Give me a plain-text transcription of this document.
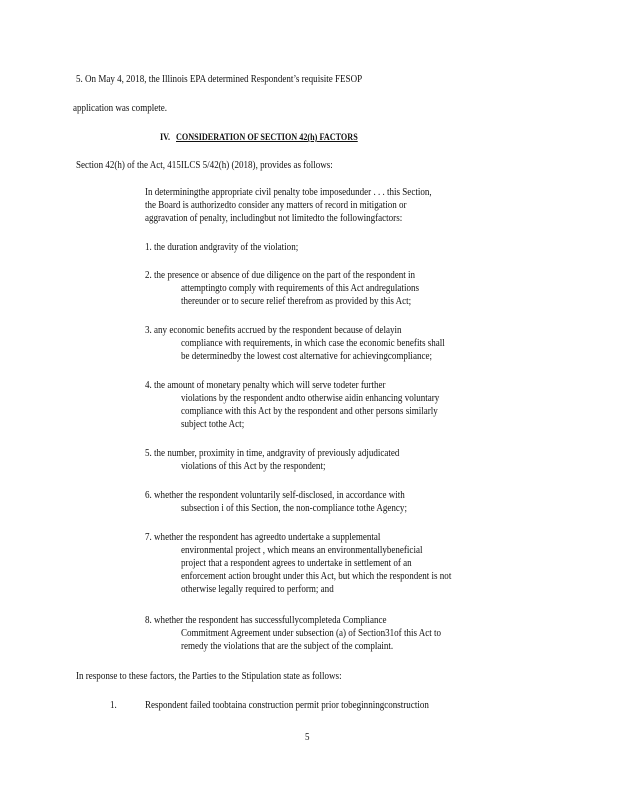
5. On May 4, 2018, the Illinois EPA determined Respondent’s requisite FESOP
application was complete.
IV. CONSIDERATION OF SECTION 42(h) FACTORS
Section 42(h) of the Act, 415ILCS 5/42(h) (2018), provides as follows:
In determiningthe appropriate civil penalty tobe imposedunder . . . this Section,
the Board is authorizedto consider any matters of record in mitigation or
aggravation of penalty, includingbut not limitedto the followingfactors:
1. the duration andgravity of the violation;
2. the presence or absence of due diligence on the part of the respondent in
attemptingto comply with requirements of this Act andregulations
thereunder or to secure relief therefrom as provided by this Act;
3. any economic benefits accrued by the respondent because of delayin
compliance with requirements, in which case the economic benefits shall
be determinedby the lowest cost alternative for achievingcompliance;
4. the amount of monetary penalty which will serve todeter further
violations by the respondent andto otherwise aidin enhancing voluntary
compliance with this Act by the respondent and other persons similarly
subject tothe Act;
5. the number, proximity in time, andgravity of previously adjudicated
violations of this Act by the respondent;
6. whether the respondent voluntarily self-disclosed, in accordance with
subsection i of this Section, the non-compliance tothe Agency;
7. whether the respondent has agreedto undertake a supplemental
environmental project , which means an environmentallybeneficial
project that a respondent agrees to undertake in settlement of an
enforcement action brought under this Act, but which the respondent is not
otherwise legally required to perform; and
8. whether the respondent has successfullycompleteda Compliance
Commitment Agreement under subsection (a) of Section31of this Act to
remedy the violations that are the subject of the complaint.
In response to these factors, the Parties to the Stipulation state as follows:
1.	Respondent failed toobtaina construction permit prior tobeginningconstruction
5
